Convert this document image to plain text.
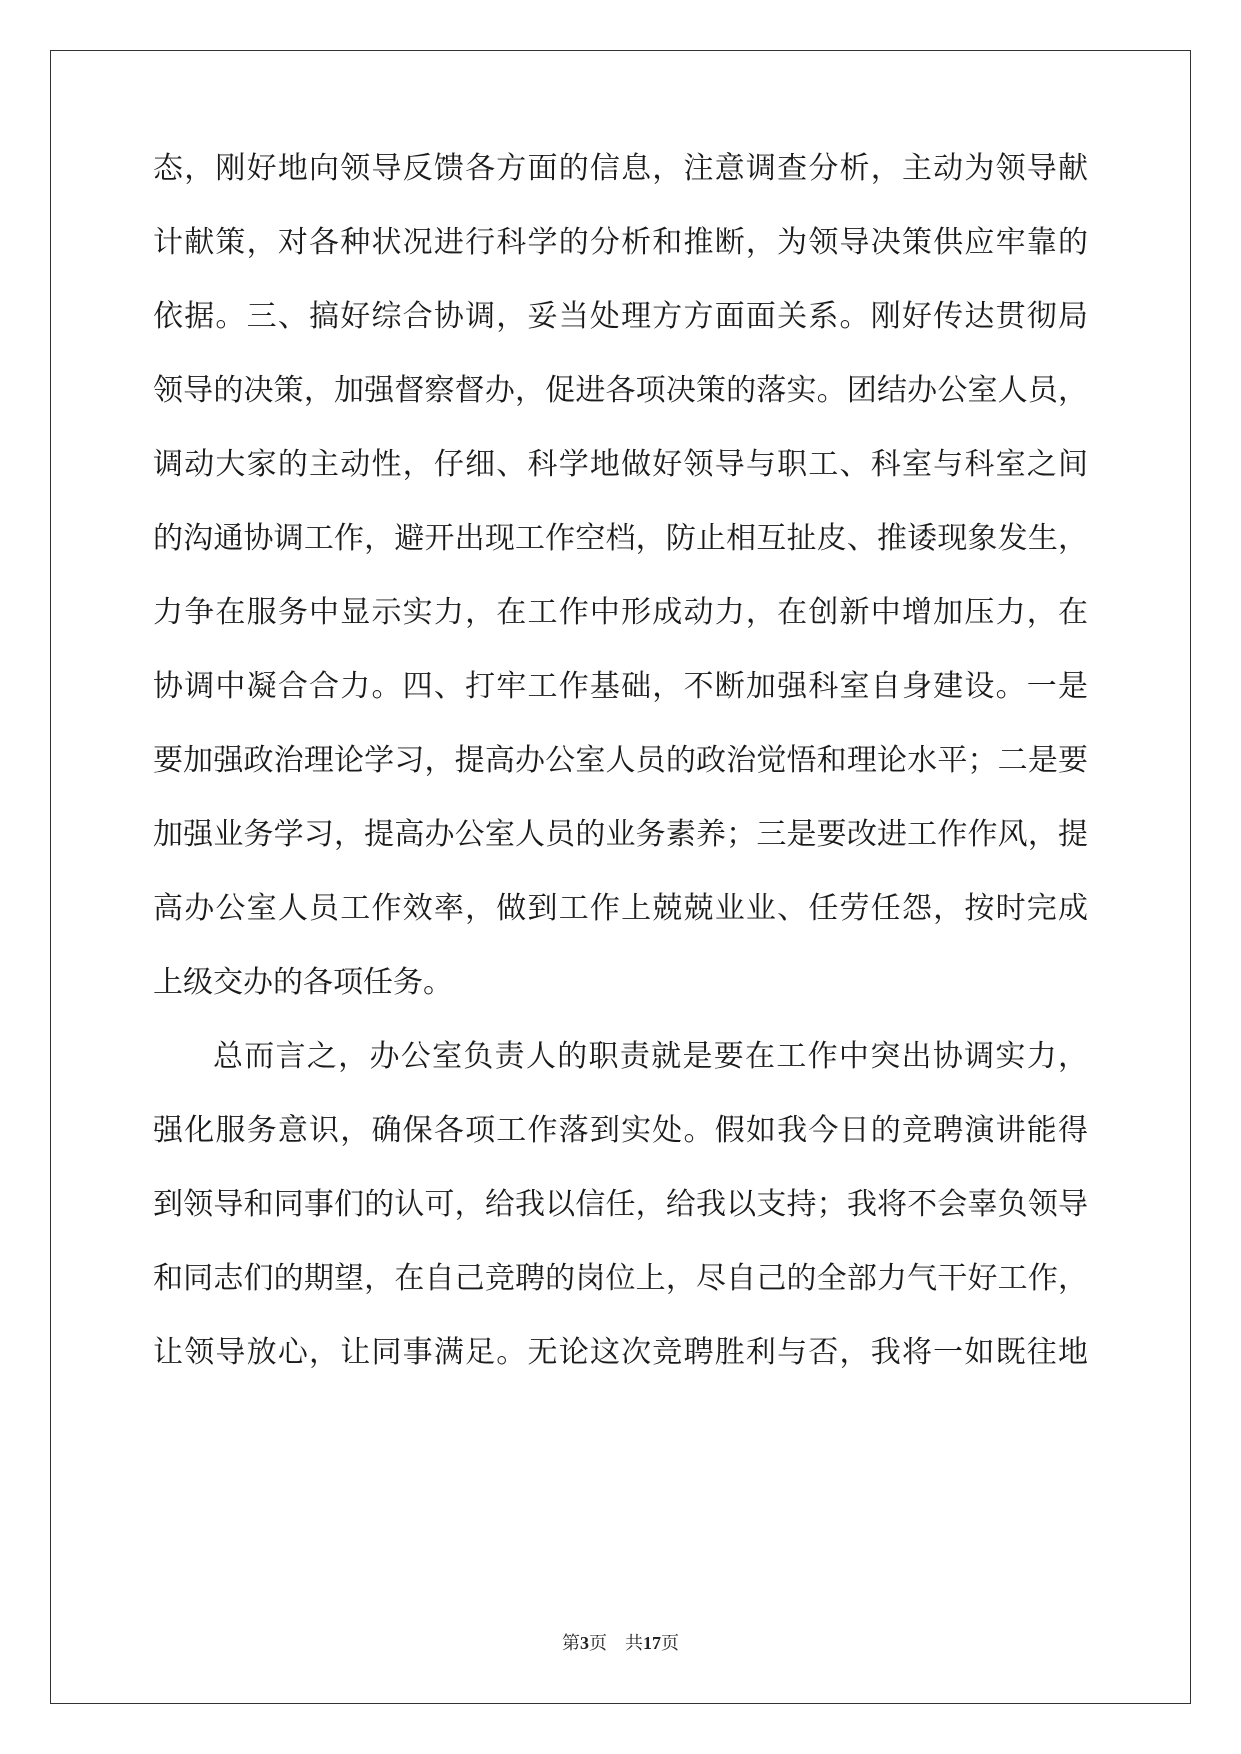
态，刚好地向领导反馈各方面的信息，注意调查分析，主动为领导献
计献策，对各种状况进行科学的分析和推断，为领导决策供应牢靠的
依据。三、搞好综合协调，妥当处理方方面面关系。刚好传达贯彻局
领导的决策，加强督察督办，促进各项决策的落实。团结办公室人员，
调动大家的主动性，仔细、科学地做好领导与职工、科室与科室之间
的沟通协调工作，避开出现工作空档，防止相互扯皮、推诿现象发生，
力争在服务中显示实力，在工作中形成动力，在创新中增加压力，在
协调中凝合合力。四、打牢工作基础，不断加强科室自身建设。一是
要加强政治理论学习，提高办公室人员的政治觉悟和理论水平；二是要
加强业务学习，提高办公室人员的业务素养；三是要改进工作作风，提
高办公室人员工作效率，做到工作上兢兢业业、任劳任怨，按时完成
上级交办的各项任务。
总而言之，办公室负责人的职责就是要在工作中突出协调实力，
强化服务意识，确保各项工作落到实处。假如我今日的竞聘演讲能得
到领导和同事们的认可，给我以信任，给我以支持；我将不会辜负领导
和同志们的期望，在自己竞聘的岗位上，尽自己的全部力气干好工作，
让领导放心，让同事满足。无论这次竞聘胜利与否，我将一如既往地
第3页 共17页
